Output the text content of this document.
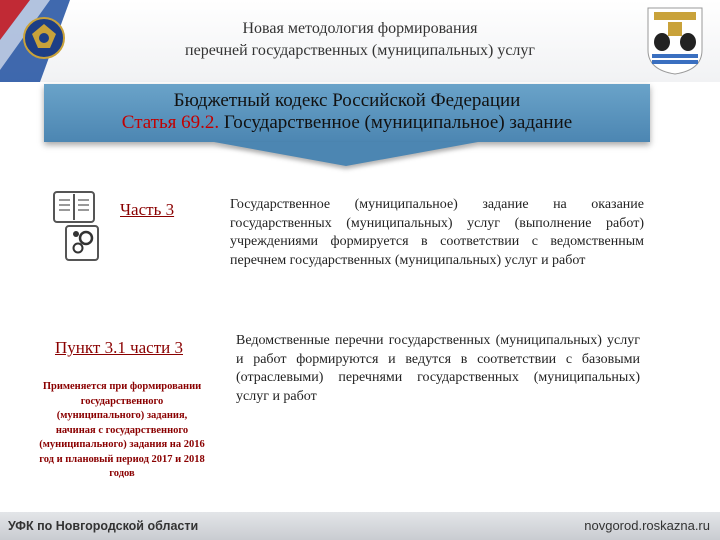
Новая методология формирования
перечней государственных (муниципальных) услуг
Бюджетный кодекс Российской Федерации
Статья 69.2. Государственное (муниципальное) задание
Часть 3	Государственное (муниципальное) задание на оказание государственных (муниципальных) услуг (выполнение работ) учреждениями формируется в соответствии с ведомственным перечнем государственных (муниципальных) услуг и работ
Пункт 3.1 части 3
Применяется при формировании государственного (муниципального) задания, начиная с государственного (муниципального) задания на 2016 год и плановый период 2017 и 2018 годов
Ведомственные перечни государственных (муниципальных) услуг и работ формируются и ведутся в соответствии с базовыми (отраслевыми) перечнями государственных (муниципальных) услуг и работ
УФК по Новгородской области	novgorod.roskazna.ru
